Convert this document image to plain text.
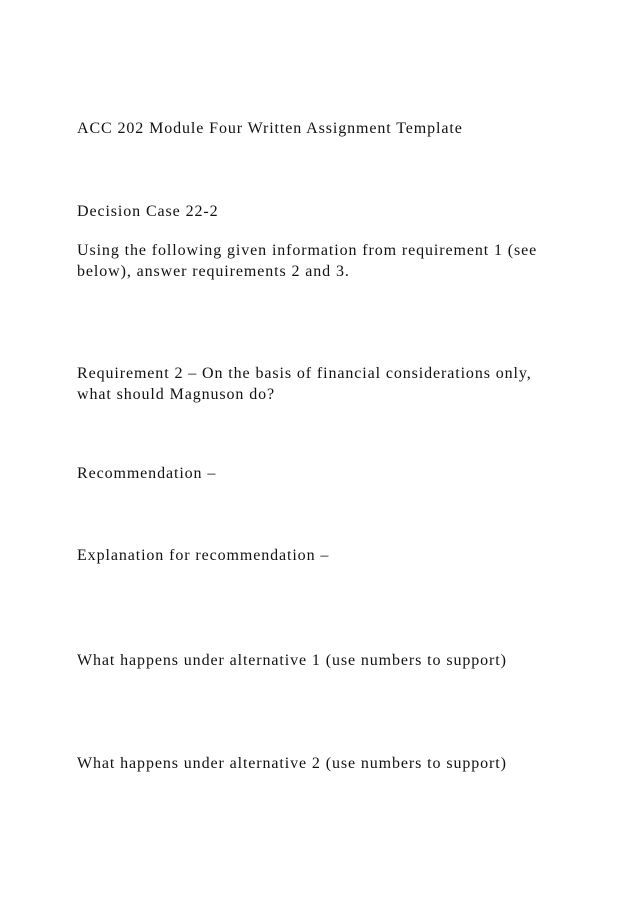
ACC 202 Module Four Written Assignment Template
Decision Case 22-2
Using the following given information from requirement 1 (see
below), answer requirements 2 and 3.
Requirement 2 – On the basis of financial considerations only,
what should Magnuson do?
Recommendation –
Explanation for recommendation –
What happens under alternative 1 (use numbers to support)
What happens under alternative 2 (use numbers to support)
